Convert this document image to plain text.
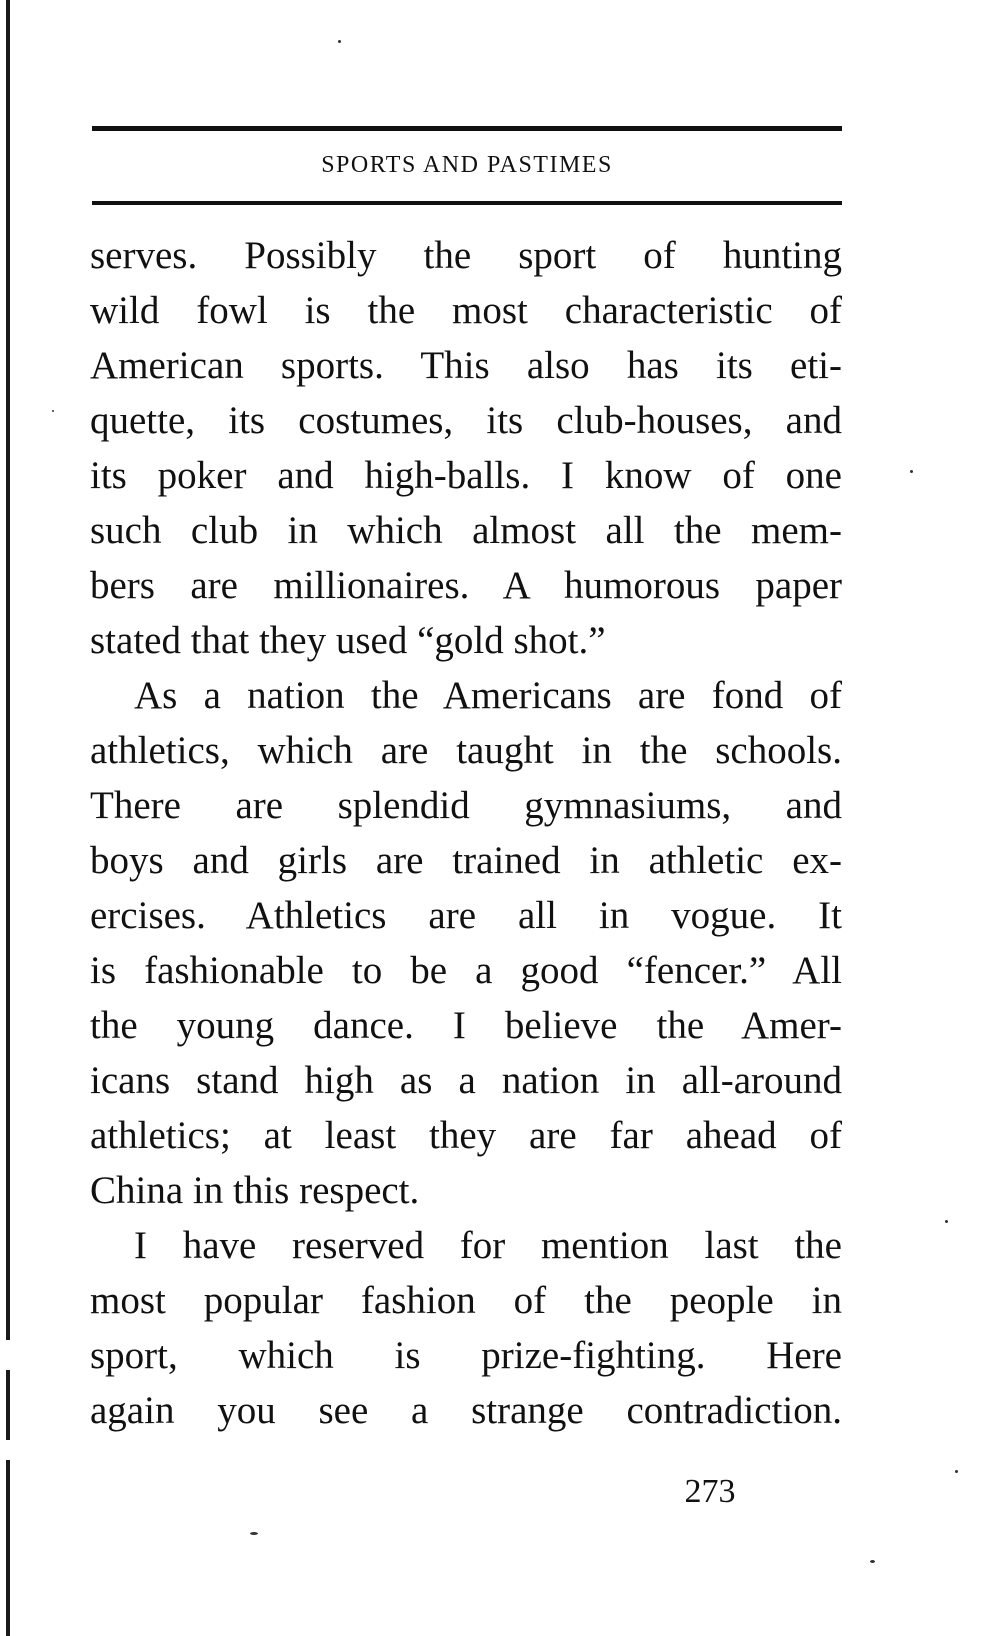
SPORTS AND PASTIMES
serves. Possibly the sport of hunting
wild fowl is the most characteristic of
American sports. This also has its eti-
quette, its costumes, its club-houses, and
its poker and high-balls. I know of one
such club in which almost all the mem-
bers are millionaires. A humorous paper
stated that they used “gold shot.”
As a nation the Americans are fond of
athletics, which are taught in the schools.
There are splendid gymnasiums, and
boys and girls are trained in athletic ex-
ercises. Athletics are all in vogue. It
is fashionable to be a good “fencer.” All
the young dance. I believe the Amer-
icans stand high as a nation in all-around
athletics; at least they are far ahead of
China in this respect.
I have reserved for mention last the
most popular fashion of the people in
sport, which is prize-fighting. Here
again you see a strange contradiction.
273
